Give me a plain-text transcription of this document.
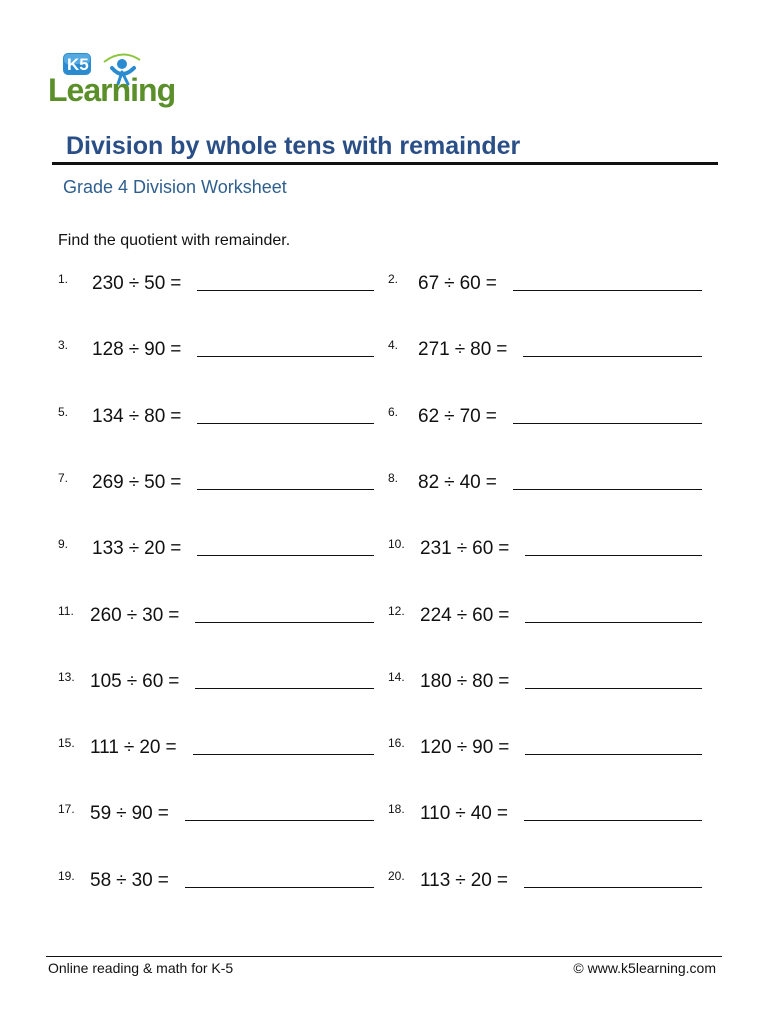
K5
Learning
Division by whole tens with remainder
Grade 4 Division Worksheet
Find the quotient with remainder.
1. 230 ÷ 50 =	2. 67 ÷ 60 =
3. 128 ÷ 90 =	4. 271 ÷ 80 =
5. 134 ÷ 80 =	6. 62 ÷ 70 =
7. 269 ÷ 50 =	8. 82 ÷ 40 =
9. 133 ÷ 20 =	10. 231 ÷ 60 =
11. 260 ÷ 30 =	12. 224 ÷ 60 =
13. 105 ÷ 60 =	14. 180 ÷ 80 =
15. 111 ÷ 20 =	16. 120 ÷ 90 =
17. 59 ÷ 90 =	18. 110 ÷ 40 =
19. 58 ÷ 30 =	20. 113 ÷ 20 =
Online reading & math for K-5	© www.k5learning.com
